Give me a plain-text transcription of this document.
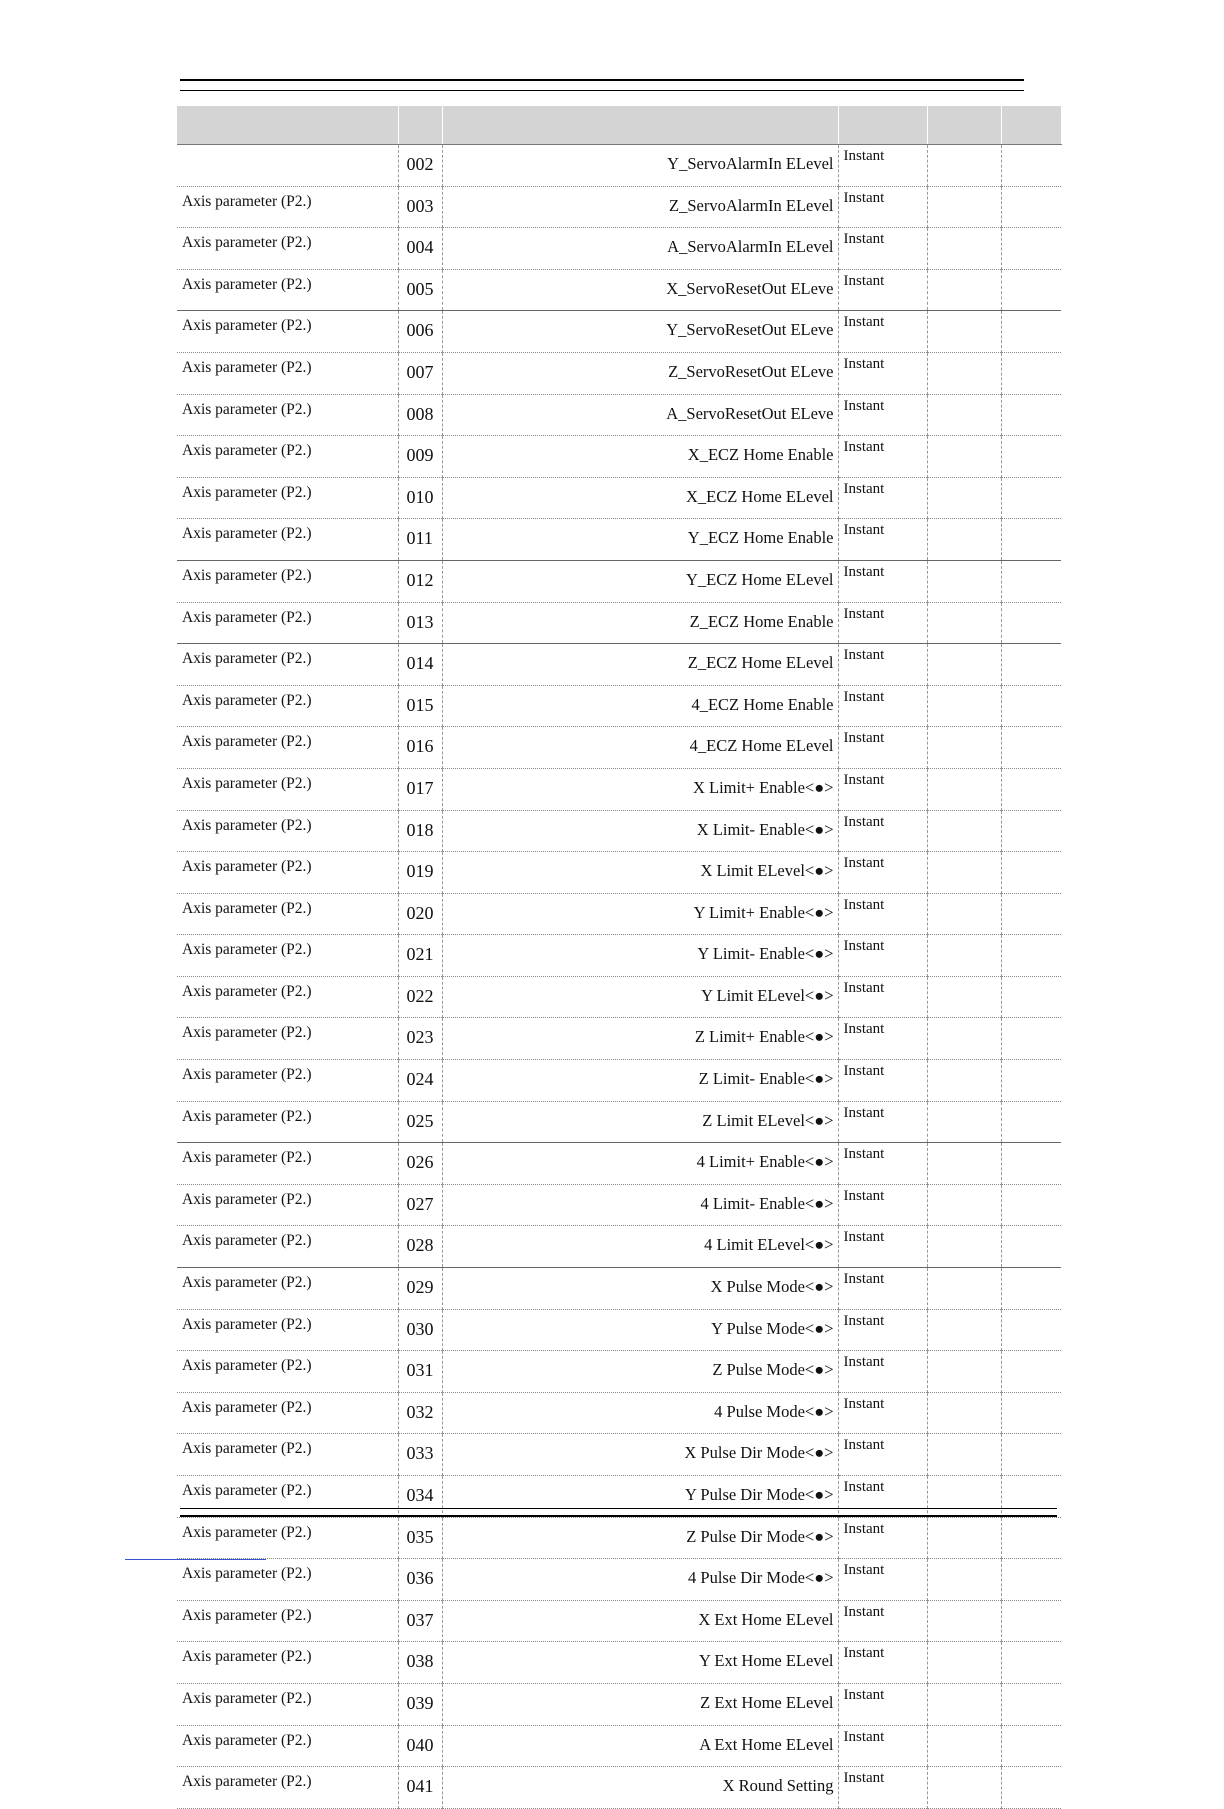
	002	Y_ServoAlarmIn ELevel	Instant		
Axis parameter (P2.)	003	Z_ServoAlarmIn ELevel	Instant		
Axis parameter (P2.)	004	A_ServoAlarmIn ELevel	Instant		
Axis parameter (P2.)	005	X_ServoResetOut ELeve	Instant		
Axis parameter (P2.)	006	Y_ServoResetOut ELeve	Instant		
Axis parameter (P2.)	007	Z_ServoResetOut ELeve	Instant		
Axis parameter (P2.)	008	A_ServoResetOut ELeve	Instant		
Axis parameter (P2.)	009	X_ECZ Home Enable	Instant		
Axis parameter (P2.)	010	X_ECZ Home ELevel	Instant		
Axis parameter (P2.)	011	Y_ECZ Home Enable	Instant		
Axis parameter (P2.)	012	Y_ECZ Home ELevel	Instant		
Axis parameter (P2.)	013	Z_ECZ Home Enable	Instant		
Axis parameter (P2.)	014	Z_ECZ Home ELevel	Instant		
Axis parameter (P2.)	015	4_ECZ Home Enable	Instant		
Axis parameter (P2.)	016	4_ECZ Home ELevel	Instant		
Axis parameter (P2.)	017	X Limit+ Enable<●>	Instant		
Axis parameter (P2.)	018	X Limit- Enable<●>	Instant		
Axis parameter (P2.)	019	X Limit ELevel<●>	Instant		
Axis parameter (P2.)	020	Y Limit+ Enable<●>	Instant		
Axis parameter (P2.)	021	Y Limit- Enable<●>	Instant		
Axis parameter (P2.)	022	Y Limit ELevel<●>	Instant		
Axis parameter (P2.)	023	Z Limit+ Enable<●>	Instant		
Axis parameter (P2.)	024	Z Limit- Enable<●>	Instant		
Axis parameter (P2.)	025	Z Limit ELevel<●>	Instant		
Axis parameter (P2.)	026	4 Limit+ Enable<●>	Instant		
Axis parameter (P2.)	027	4 Limit- Enable<●>	Instant		
Axis parameter (P2.)	028	4 Limit ELevel<●>	Instant		
Axis parameter (P2.)	029	X Pulse Mode<●>	Instant		
Axis parameter (P2.)	030	Y Pulse Mode<●>	Instant		
Axis parameter (P2.)	031	Z Pulse Mode<●>	Instant		
Axis parameter (P2.)	032	4 Pulse Mode<●>	Instant		
Axis parameter (P2.)	033	X Pulse Dir Mode<●>	Instant		
Axis parameter (P2.)	034	Y Pulse Dir Mode<●>	Instant		
Axis parameter (P2.)	035	Z Pulse Dir Mode<●>	Instant		
Axis parameter (P2.)	036	4 Pulse Dir Mode<●>	Instant		
Axis parameter (P2.)	037	X Ext Home ELevel	Instant		
Axis parameter (P2.)	038	Y Ext Home ELevel	Instant		
Axis parameter (P2.)	039	Z Ext Home ELevel	Instant		
Axis parameter (P2.)	040	A Ext Home ELevel	Instant		
Axis parameter (P2.)	041	X Round Setting	Instant		
